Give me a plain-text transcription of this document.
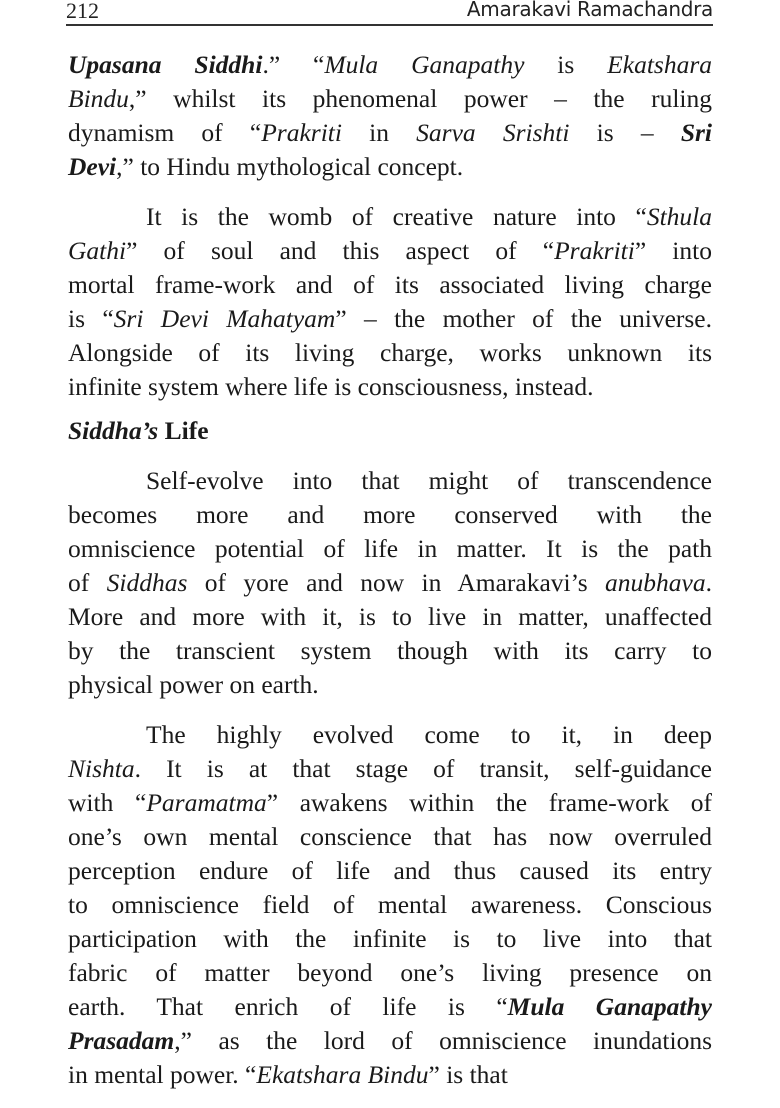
212	Amarakavi Ramachandra
Upasana Siddhi.” “Mula Ganapathy is Ekatshara
Bindu,” whilst its phenomenal power – the ruling
dynamism of “Prakriti in Sarva Srishti is – Sri
Devi,” to Hindu mythological concept.
It is the womb of creative nature into “Sthula
Gathi” of soul and this aspect of “Prakriti” into
mortal frame-work and of its associated living charge
is “Sri Devi Mahatyam” – the mother of the universe.
Alongside of its living charge, works unknown its
infinite system where life is consciousness, instead.
Siddha’s Life
Self-evolve into that might of transcendence
becomes more and more conserved with the
omniscience potential of life in matter. It is the path
of Siddhas of yore and now in Amarakavi’s anubhava.
More and more with it, is to live in matter, unaffected
by the transcient system though with its carry to
physical power on earth.
The highly evolved come to it, in deep
Nishta. It is at that stage of transit, self-guidance
with “Paramatma” awakens within the frame-work of
one’s own mental conscience that has now overruled
perception endure of life and thus caused its entry
to omniscience field of mental awareness. Conscious
participation with the infinite is to live into that
fabric of matter beyond one’s living presence on
earth. That enrich of life is “Mula Ganapathy
Prasadam,” as the lord of omniscience inundations
in mental power. “Ekatshara Bindu” is that
